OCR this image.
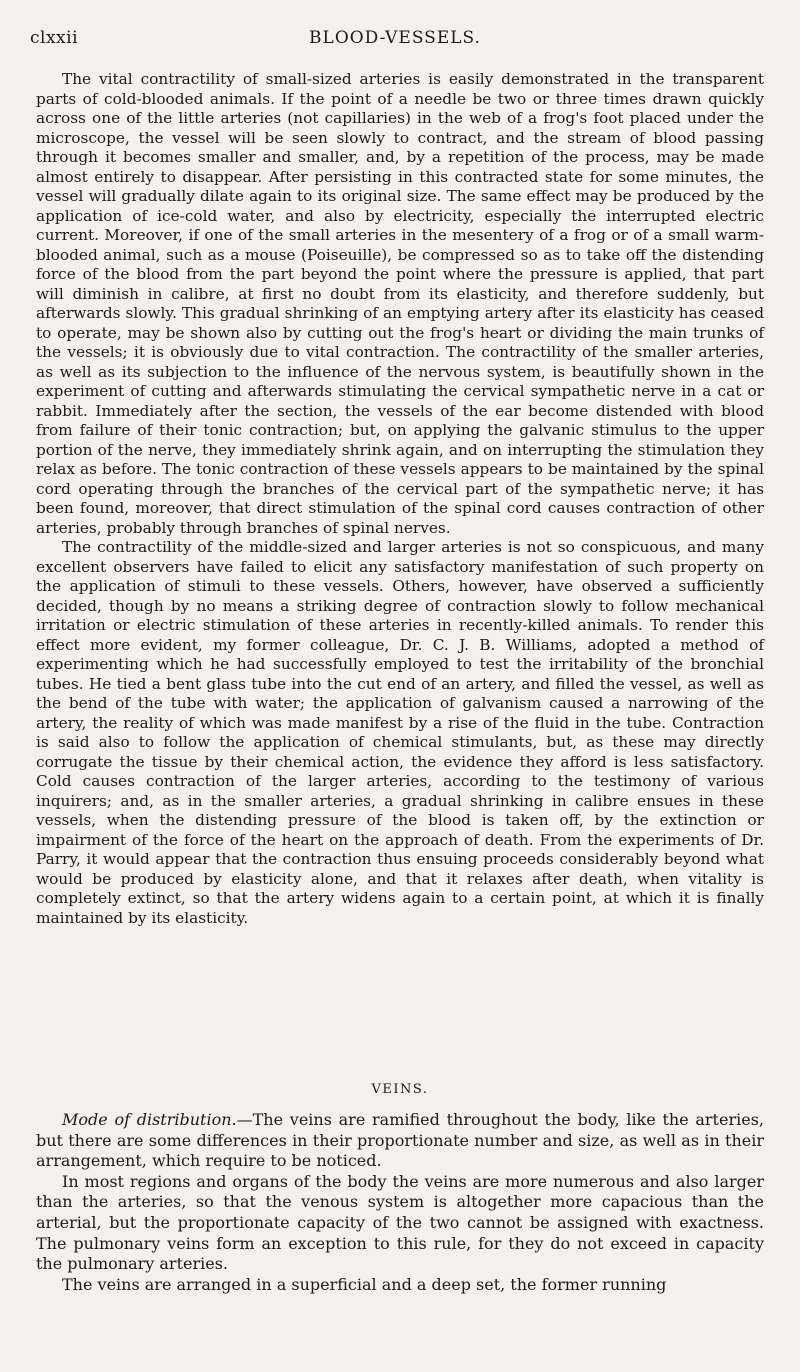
clxxii	BLOOD-VESSELS.

The vital contractility of small-sized arteries is easily demonstrated in the transparent parts of cold-blooded animals. If the point of a needle be two or three times drawn quickly across one of the little arteries (not capillaries) in the web of a frog's foot placed under the microscope, the vessel will be seen slowly to contract, and the stream of blood passing through it becomes smaller and smaller, and, by a repetition of the process, may be made almost entirely to disappear. After persisting in this contracted state for some minutes, the vessel will gradually dilate again to its original size. The same effect may be produced by the application of ice-cold water, and also by electricity, especially the interrupted electric current. Moreover, if one of the small arteries in the mesentery of a frog or of a small warm-blooded animal, such as a mouse (Poiseuille), be compressed so as to take off the distending force of the blood from the part beyond the point where the pressure is applied, that part will diminish in calibre, at first no doubt from its elasticity, and therefore suddenly, but afterwards slowly. This gradual shrinking of an emptying artery after its elasticity has ceased to operate, may be shown also by cutting out the frog's heart or dividing the main trunks of the vessels; it is obviously due to vital contraction. The contractility of the smaller arteries, as well as its subjection to the influence of the nervous system, is beautifully shown in the experiment of cutting and afterwards stimulating the cervical sympathetic nerve in a cat or rabbit. Immediately after the section, the vessels of the ear become distended with blood from failure of their tonic contraction; but, on applying the galvanic stimulus to the upper portion of the nerve, they immediately shrink again, and on interrupting the stimulation they relax as before. The tonic contraction of these vessels appears to be maintained by the spinal cord operating through the branches of the cervical part of the sympathetic nerve; it has been found, moreover, that direct stimulation of the spinal cord causes contraction of other arteries, probably through branches of spinal nerves.

The contractility of the middle-sized and larger arteries is not so conspicuous, and many excellent observers have failed to elicit any satisfactory manifestation of such property on the application of stimuli to these vessels. Others, however, have observed a sufficiently decided, though by no means a striking degree of contraction slowly to follow mechanical irritation or electric stimulation of these arteries in recently-killed animals. To render this effect more evident, my former colleague, Dr. C. J. B. Williams, adopted a method of experimenting which he had successfully employed to test the irritability of the bronchial tubes. He tied a bent glass tube into the cut end of an artery, and filled the vessel, as well as the bend of the tube with water; the application of galvanism caused a narrowing of the artery, the reality of which was made manifest by a rise of the fluid in the tube. Contraction is said also to follow the application of chemical stimulants, but, as these may directly corrugate the tissue by their chemical action, the evidence they afford is less satisfactory. Cold causes contraction of the larger arteries, according to the testimony of various inquirers; and, as in the smaller arteries, a gradual shrinking in calibre ensues in these vessels, when the distending pressure of the blood is taken off, by the extinction or impairment of the force of the heart on the approach of death. From the experiments of Dr. Parry, it would appear that the contraction thus ensuing proceeds considerably beyond what would be produced by elasticity alone, and that it relaxes after death, when vitality is completely extinct, so that the artery widens again to a certain point, at which it is finally maintained by its elasticity.

VEINS.

Mode of distribution.—The veins are ramified throughout the body, like the arteries, but there are some differences in their proportionate number and size, as well as in their arrangement, which require to be noticed.

In most regions and organs of the body the veins are more numerous and also larger than the arteries, so that the venous system is altogether more capacious than the arterial, but the proportionate capacity of the two cannot be assigned with exactness. The pulmonary veins form an exception to this rule, for they do not exceed in capacity the pulmonary arteries.

The veins are arranged in a superficial and a deep set, the former running
